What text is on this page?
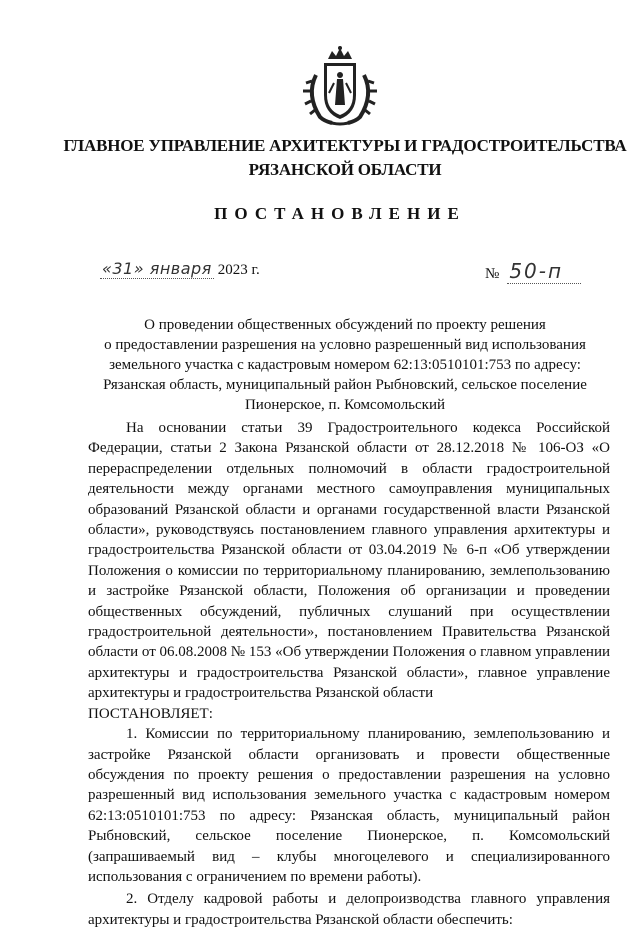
ГЛАВНОЕ УПРАВЛЕНИЕ АРХИТЕКТУРЫ И ГРАДОСТРОИТЕЛЬСТВА
РЯЗАНСКОЙ ОБЛАСТИ
ПОСТАНОВЛЕНИЕ
«31» января 2023 г.	№ 50-п
О проведении общественных обсуждений по проекту решения
о предоставлении разрешения на условно разрешенный вид использования
земельного участка с кадастровым номером 62:13:0510101:753 по адресу:
Рязанская область, муниципальный район Рыбновский, сельское поселение
Пионерское, п. Комсомольский

На основании статьи 39 Градостроительного кодекса Российской Федерации, статьи 2 Закона Рязанской области от 28.12.2018 № 106-ОЗ «О перераспределении отдельных полномочий в области градостроительной деятельности между органами местного самоуправления муниципальных образований Рязанской области и органами государственной власти Рязанской области», руководствуясь постановлением главного управления архитектуры и градостроительства Рязанской области от 03.04.2019 № 6-п «Об утверждении Положения о комиссии по территориальному планированию, землепользованию и застройке Рязанской области, Положения об организации и проведении общественных обсуждений, публичных слушаний при осуществлении градостроительной деятельности», постановлением Правительства Рязанской области от 06.08.2008 № 153 «Об утверждении Положения о главном управлении архитектуры и градостроительства Рязанской области», главное управление архитектуры и градостроительства Рязанской области
ПОСТАНОВЛЯЕТ:

1. Комиссии по территориальному планированию, землепользованию и застройке Рязанской области организовать и провести общественные обсуждения по проекту решения о предоставлении разрешения на условно разрешенный вид использования земельного участка с кадастровым номером 62:13:0510101:753 по адресу: Рязанская область, муниципальный район Рыбновский, сельское поселение Пионерское, п. Комсомольский (запрашиваемый вид – клубы многоцелевого и специализированного использования с ограничением по времени работы).

2. Отделу кадровой работы и делопроизводства главного управления архитектуры и градостроительства Рязанской области обеспечить:
